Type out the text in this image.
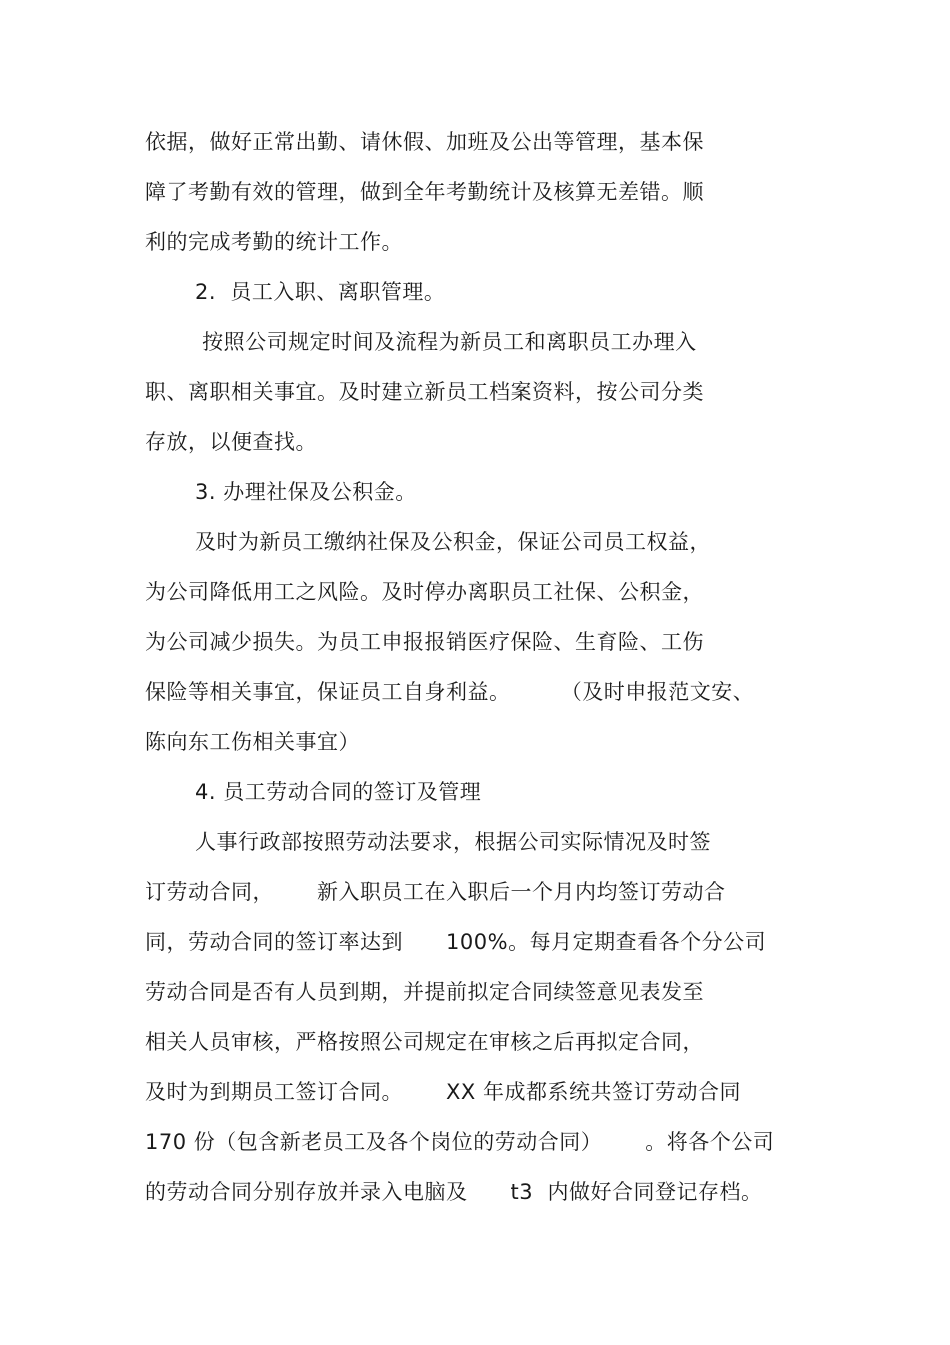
依据，做好正常出勤、请休假、加班及公出等管理，基本保
障了考勤有效的管理，做到全年考勤统计及核算无差错。顺
利的完成考勤的统计工作。
2.  员工入职、离职管理。
按照公司规定时间及流程为新员工和离职员工办理入
职、离职相关事宜。及时建立新员工档案资料，按公司分类
存放，以便查找。
3. 办理社保及公积金。
及时为新员工缴纳社保及公积金，保证公司员工权益，
为公司降低用工之风险。及时停办离职员工社保、公积金，
为公司减少损失。为员工申报报销医疗保险、生育险、工伤
保险等相关事宜，保证员工自身利益。       （及时申报范文安、
陈向东工伤相关事宜）
4. 员工劳动合同的签订及管理
人事行政部按照劳动法要求，根据公司实际情况及时签
订劳动合同，      新入职员工在入职后一个月内均签订劳动合
同，劳动合同的签订率达到      100%。每月定期查看各个分公司
劳动合同是否有人员到期，并提前拟定合同续签意见表发至
相关人员审核，严格按照公司规定在审核之后再拟定合同，
及时为到期员工签订合同。      XX 年成都系统共签订劳动合同
170 份（包含新老员工及各个岗位的劳动合同）      。将各个公司
的劳动合同分别存放并录入电脑及      t3  内做好合同登记存档。
